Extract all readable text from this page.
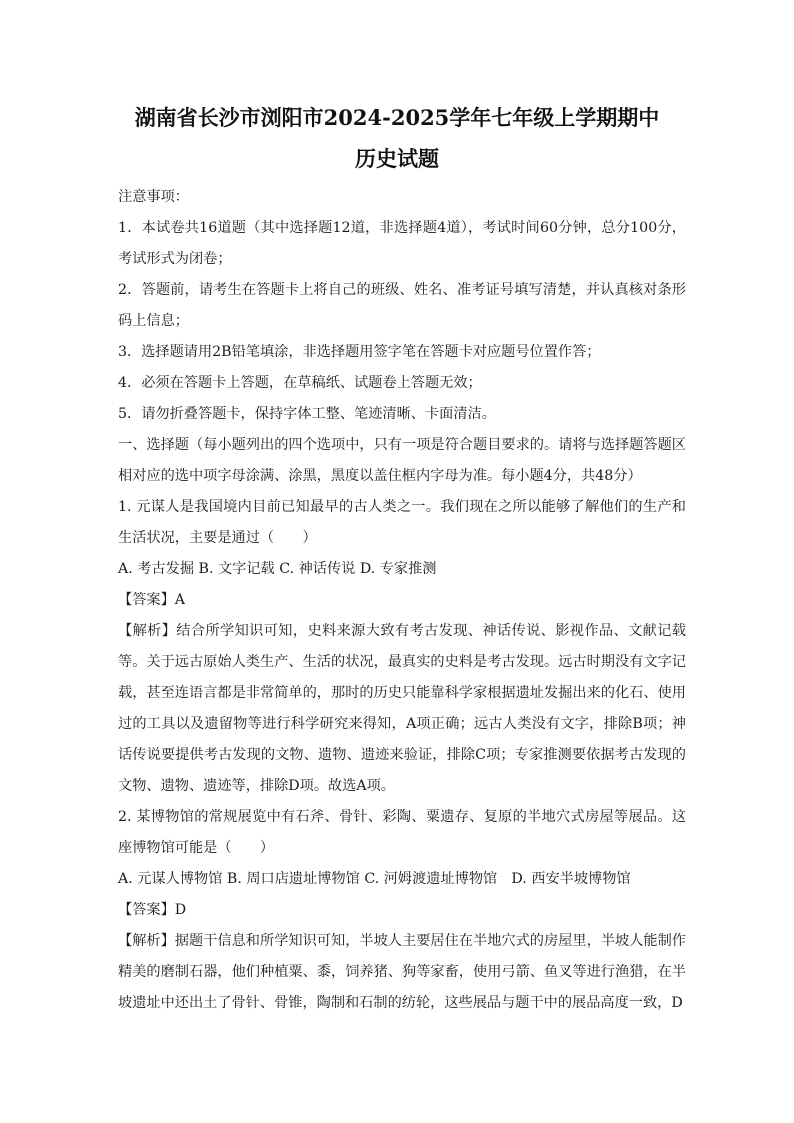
湖南省长沙市浏阳市2024-2025学年七年级上学期期中
历史试题

注意事项：

1．本试卷共16道题（其中选择题12道，非选择题4道），考试时间60分钟，总分100分，考试形式为闭卷；

2．答题前，请考生在答题卡上将自己的班级、姓名、准考证号填写清楚，并认真核对条形码上信息；

3．选择题请用2B铅笔填涂，非选择题用签字笔在答题卡对应题号位置作答；

4．必须在答题卡上答题，在草稿纸、试题卷上答题无效；

5．请勿折叠答题卡，保持字体工整、笔迹清晰、卡面清洁。

一、选择题（每小题列出的四个选项中，只有一项是符合题目要求的。请将与选择题答题区相对应的选中项字母涂满、涂黑，黑度以盖住框内字母为准。每小题4分，共48分）

1. 元谋人是我国境内目前已知最早的古人类之一。我们现在之所以能够了解他们的生产和生活状况，主要是通过（　　）

A. 考古发掘 B. 文字记载 C. 神话传说 D. 专家推测

【答案】A

【解析】结合所学知识可知，史料来源大致有考古发现、神话传说、影视作品、文献记载等。关于远古原始人类生产、生活的状况，最真实的史料是考古发现。远古时期没有文字记载，甚至连语言都是非常简单的，那时的历史只能靠科学家根据遗址发掘出来的化石、使用过的工具以及遗留物等进行科学研究来得知，A项正确；远古人类没有文字，排除B项；神话传说要提供考古发现的文物、遗物、遗迹来验证，排除C项；专家推测要依据考古发现的文物、遗物、遗迹等，排除D项。故选A项。

2. 某博物馆的常规展览中有石斧、骨针、彩陶、粟遗存、复原的半地穴式房屋等展品。这座博物馆可能是（　　）

A. 元谋人博物馆 B. 周口店遗址博物馆 C. 河姆渡遗址博物馆　D. 西安半坡博物馆

【答案】D

【解析】据题干信息和所学知识可知，半坡人主要居住在半地穴式的房屋里，半坡人能制作精美的磨制石器，他们种植粟、黍，饲养猪、狗等家畜，使用弓箭、鱼叉等进行渔猎，在半坡遗址中还出土了骨针、骨锥，陶制和石制的纺轮，这些展品与题干中的展品高度一致，D
